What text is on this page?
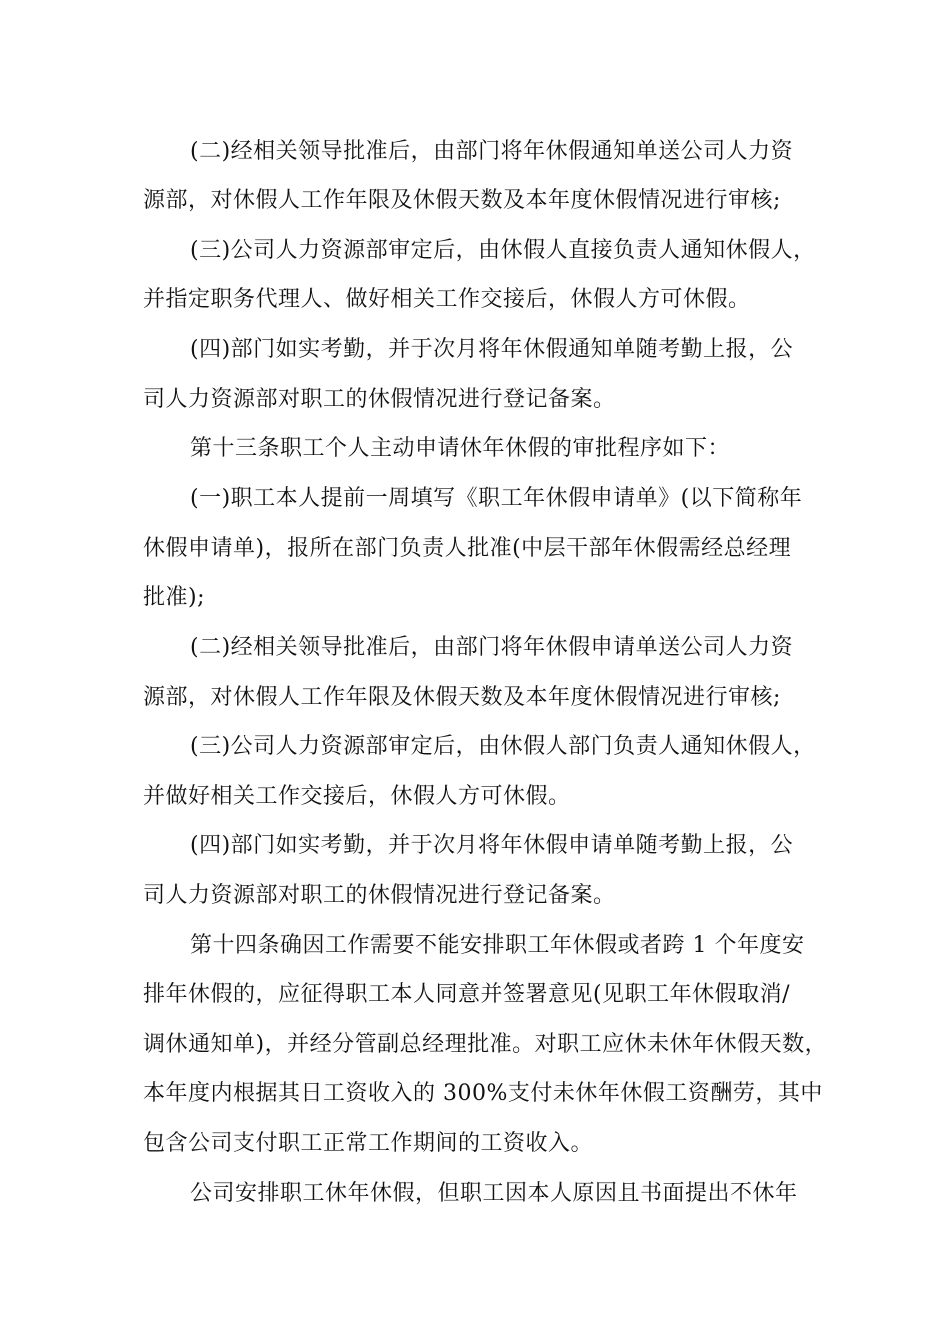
(二)经相关领导批准后，由部门将年休假通知单送公司人力资
源部，对休假人工作年限及休假天数及本年度休假情况进行审核;
(三)公司人力资源部审定后，由休假人直接负责人通知休假人，
并指定职务代理人、做好相关工作交接后，休假人方可休假。
(四)部门如实考勤，并于次月将年休假通知单随考勤上报，公
司人力资源部对职工的休假情况进行登记备案。
第十三条职工个人主动申请休年休假的审批程序如下：
(一)职工本人提前一周填写《职工年休假申请单》(以下简称年
休假申请单)，报所在部门负责人批准(中层干部年休假需经总经理
批准);
(二)经相关领导批准后，由部门将年休假申请单送公司人力资
源部，对休假人工作年限及休假天数及本年度休假情况进行审核;
(三)公司人力资源部审定后，由休假人部门负责人通知休假人，
并做好相关工作交接后，休假人方可休假。
(四)部门如实考勤，并于次月将年休假申请单随考勤上报，公
司人力资源部对职工的休假情况进行登记备案。
第十四条确因工作需要不能安排职工年休假或者跨 1 个年度安
排年休假的，应征得职工本人同意并签署意见(见职工年休假取消/
调休通知单)，并经分管副总经理批准。对职工应休未休年休假天数，
本年度内根据其日工资收入的 300%支付未休年休假工资酬劳，其中
包含公司支付职工正常工作期间的工资收入。
公司安排职工休年休假，但职工因本人原因且书面提出不休年
